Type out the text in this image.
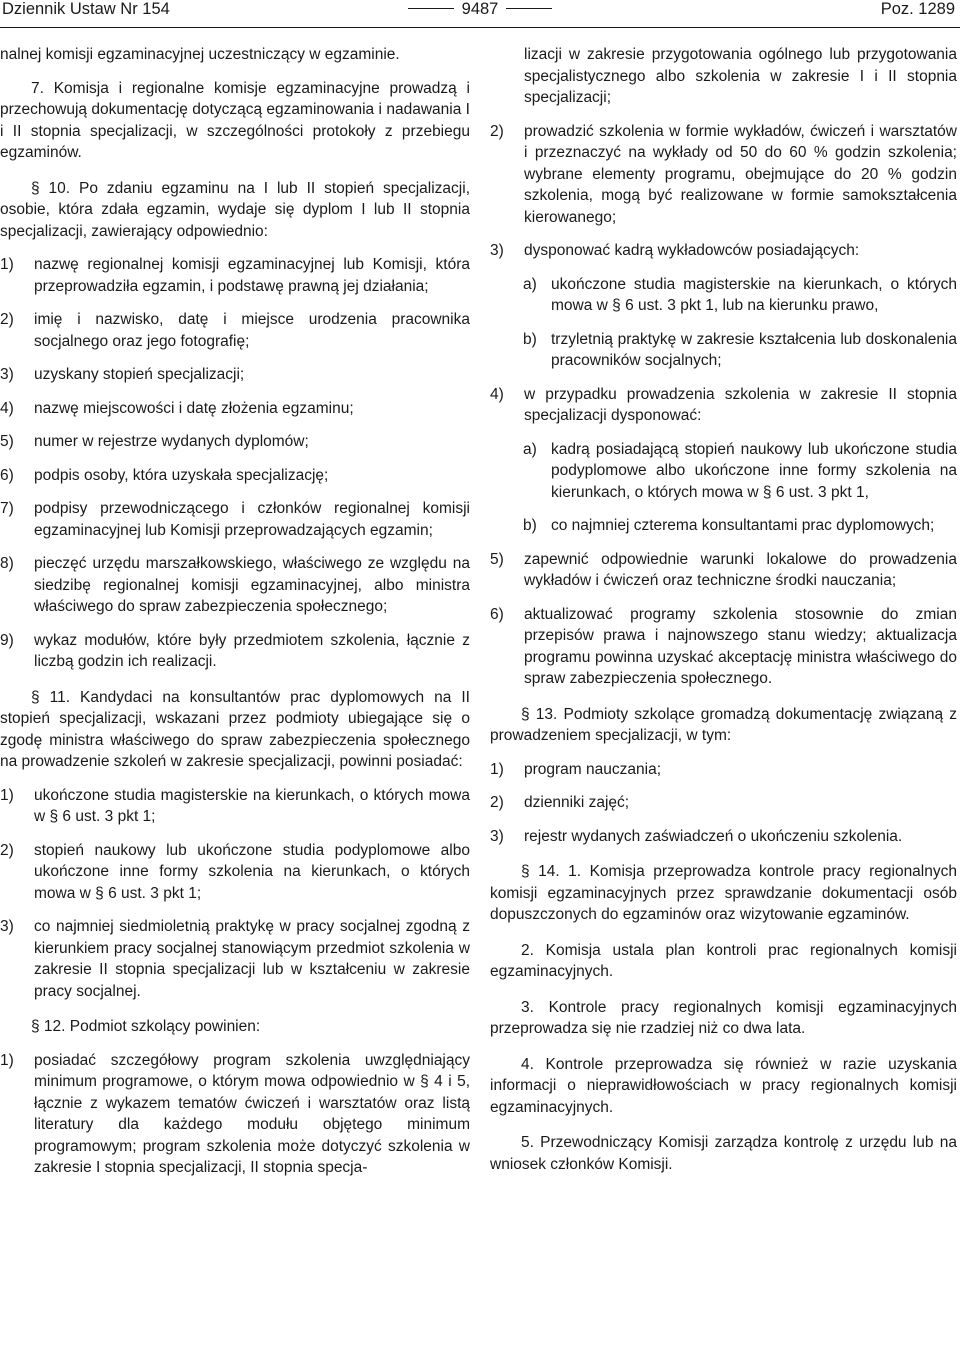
Dziennik Ustaw Nr 154	9487	Poz. 1289

nalnej komisji egzaminacyjnej uczestniczący w egzaminie.

7. Komisja i regionalne komisje egzaminacyjne prowadzą i przechowują dokumentację dotyczącą egzaminowania i nadawania I i II stopnia specjalizacji, w szczególności protokoły z przebiegu egzaminów.

§ 10. Po zdaniu egzaminu na I lub II stopień specjalizacji, osobie, która zdała egzamin, wydaje się dyplom I lub II stopnia specjalizacji, zawierający odpowiednio:

1)	nazwę regionalnej komisji egzaminacyjnej lub Komisji, która przeprowadziła egzamin, i podstawę prawną jej działania;
2)	imię i nazwisko, datę i miejsce urodzenia pracownika socjalnego oraz jego fotografię;
3)	uzyskany stopień specjalizacji;
4)	nazwę miejscowości i datę złożenia egzaminu;
5)	numer w rejestrze wydanych dyplomów;
6)	podpis osoby, która uzyskała specjalizację;
7)	podpisy przewodniczącego i członków regionalnej komisji egzaminacyjnej lub Komisji przeprowadzających egzamin;
8)	pieczęć urzędu marszałkowskiego, właściwego ze względu na siedzibę regionalnej komisji egzaminacyjnej, albo ministra właściwego do spraw zabezpieczenia społecznego;
9)	wykaz modułów, które były przedmiotem szkolenia, łącznie z liczbą godzin ich realizacji.

§ 11. Kandydaci na konsultantów prac dyplomowych na II stopień specjalizacji, wskazani przez podmioty ubiegające się o zgodę ministra właściwego do spraw zabezpieczenia społecznego na prowadzenie szkoleń w zakresie specjalizacji, powinni posiadać:

1)	ukończone studia magisterskie na kierunkach, o których mowa w § 6 ust. 3 pkt 1;
2)	stopień naukowy lub ukończone studia podyplomowe albo ukończone inne formy szkolenia na kierunkach, o których mowa w § 6 ust. 3 pkt 1;
3)	co najmniej siedmioletnią praktykę w pracy socjalnej zgodną z kierunkiem pracy socjalnej stanowiącym przedmiot szkolenia w zakresie II stopnia specjalizacji lub w kształceniu w zakresie pracy socjalnej.

§ 12. Podmiot szkolący powinien:

1)	posiadać szczegółowy program szkolenia uwzględniający minimum programowe, o którym mowa odpowiednio w § 4 i 5, łącznie z wykazem tematów ćwiczeń i warsztatów oraz listą literatury dla każdego modułu objętego minimum programowym; program szkolenia może dotyczyć szkolenia w zakresie I stopnia specjalizacji, II stopnia specja-

lizacji w zakresie przygotowania ogólnego lub przygotowania specjalistycznego albo szkolenia w zakresie I i II stopnia specjalizacji;

2)	prowadzić szkolenia w formie wykładów, ćwiczeń i warsztatów i przeznaczyć na wykłady od 50 do 60 % godzin szkolenia; wybrane elementy programu, obejmujące do 20 % godzin szkolenia, mogą być realizowane w formie samokształcenia kierowanego;
3)	dysponować kadrą wykładowców posiadających:
a) ukończone studia magisterskie na kierunkach, o których mowa w § 6 ust. 3 pkt 1, lub na kierunku prawo,
b) trzyletnią praktykę w zakresie kształcenia lub doskonalenia pracowników socjalnych;
4)	w przypadku prowadzenia szkolenia w zakresie II stopnia specjalizacji dysponować:
a) kadrą posiadającą stopień naukowy lub ukończone studia podyplomowe albo ukończone inne formy szkolenia na kierunkach, o których mowa w § 6 ust. 3 pkt 1,
b) co najmniej czterema konsultantami prac dyplomowych;
5)	zapewnić odpowiednie warunki lokalowe do prowadzenia wykładów i ćwiczeń oraz techniczne środki nauczania;
6)	aktualizować programy szkolenia stosownie do zmian przepisów prawa i najnowszego stanu wiedzy; aktualizacja programu powinna uzyskać akceptację ministra właściwego do spraw zabezpieczenia społecznego.

§ 13. Podmioty szkolące gromadzą dokumentację związaną z prowadzeniem specjalizacji, w tym:

1)	program nauczania;
2)	dzienniki zajęć;
3)	rejestr wydanych zaświadczeń o ukończeniu szkolenia.

§ 14. 1. Komisja przeprowadza kontrole pracy regionalnych komisji egzaminacyjnych przez sprawdzanie dokumentacji osób dopuszczonych do egzaminów oraz wizytowanie egzaminów.

2. Komisja ustala plan kontroli prac regionalnych komisji egzaminacyjnych.

3. Kontrole pracy regionalnych komisji egzaminacyjnych przeprowadza się nie rzadziej niż co dwa lata.

4. Kontrole przeprowadza się również w razie uzyskania informacji o nieprawidłowościach w pracy regionalnych komisji egzaminacyjnych.

5. Przewodniczący Komisji zarządza kontrolę z urzędu lub na wniosek członków Komisji.
